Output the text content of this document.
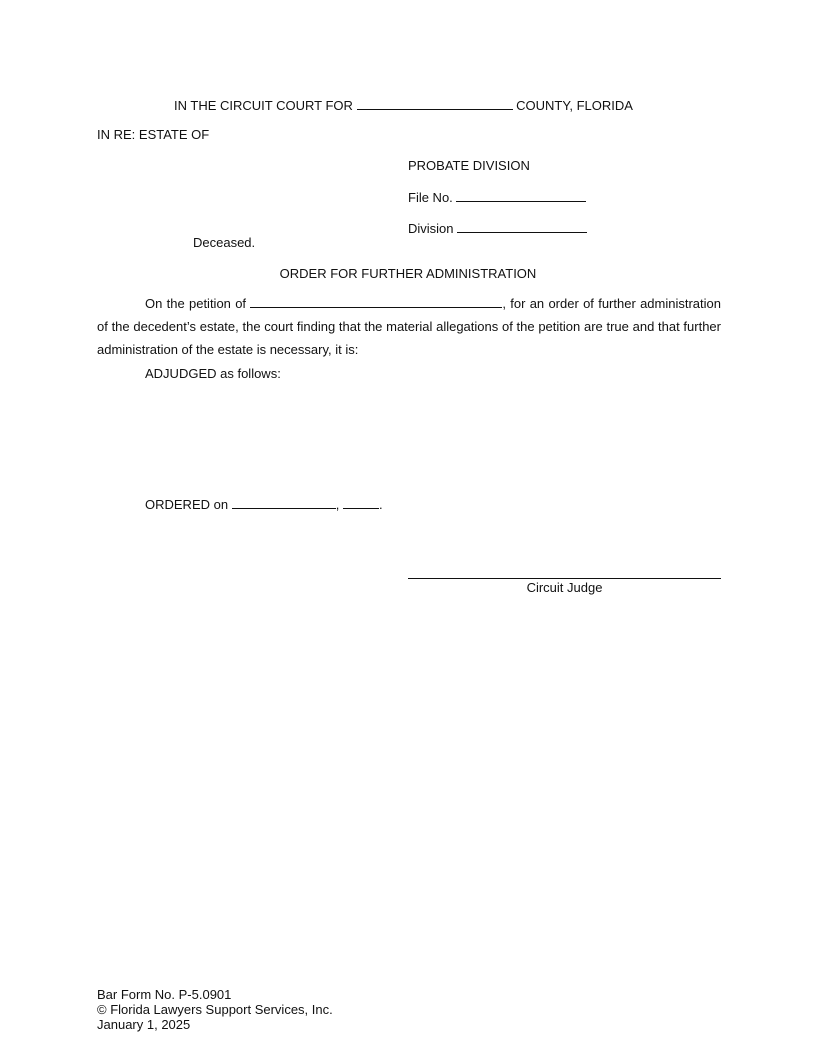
IN THE CIRCUIT COURT FOR	COUNTY, FLORIDA
IN RE: ESTATE OF
PROBATE DIVISION
File No.
Division
Deceased.
ORDER FOR FURTHER ADMINISTRATION
On the petition of	, for an order of further administration of the decedent’s estate, the court finding that the material allegations of the petition are true and that further administration of the estate is necessary, it is:
ADJUDGED as follows:
ORDERED on	,	.
Circuit Judge
Bar Form No. P-5.0901
© Florida Lawyers Support Services, Inc.
January 1, 2025
